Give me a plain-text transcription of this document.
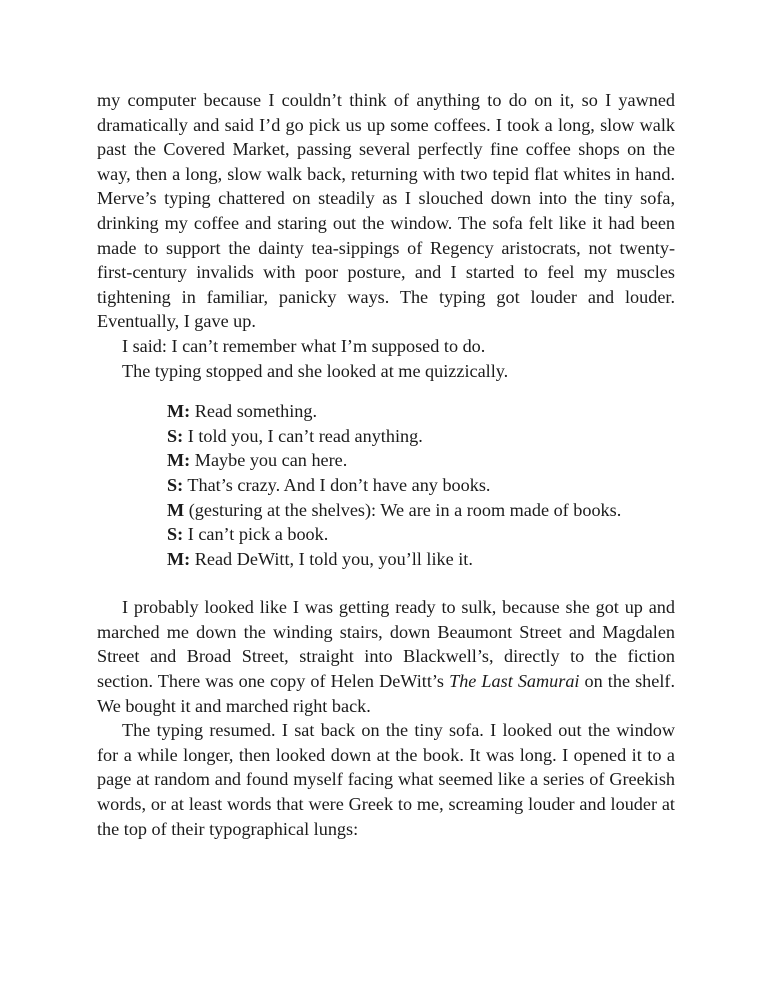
my computer because I couldn’t think of anything to do on it, so I yawned dramatically and said I’d go pick us up some coffees. I took a long, slow walk past the Covered Market, passing several perfectly fine coffee shops on the way, then a long, slow walk back, returning with two tepid flat whites in hand. Merve’s typing chattered on steadily as I slouched down into the tiny sofa, drinking my coffee and staring out the window. The sofa felt like it had been made to support the dainty tea-sippings of Regency aristocrats, not twenty-first-century invalids with poor posture, and I started to feel my muscles tightening in familiar, panicky ways. The typing got louder and louder. Eventually, I gave up.

I said: I can’t remember what I’m supposed to do.

The typing stopped and she looked at me quizzically.

M: Read something.
S: I told you, I can’t read anything.
M: Maybe you can here.
S: That’s crazy. And I don’t have any books.
M (gesturing at the shelves): We are in a room made of books.
S: I can’t pick a book.
M: Read DeWitt, I told you, you’ll like it.

I probably looked like I was getting ready to sulk, because she got up and marched me down the winding stairs, down Beaumont Street and Magdalen Street and Broad Street, straight into Blackwell’s, directly to the fiction section. There was one copy of Helen DeWitt’s The Last Samurai on the shelf. We bought it and marched right back.

The typing resumed. I sat back on the tiny sofa. I looked out the window for a while longer, then looked down at the book. It was long. I opened it to a page at random and found myself facing what seemed like a series of Greekish words, or at least words that were Greek to me, screaming louder and louder at the top of their typographical lungs:
